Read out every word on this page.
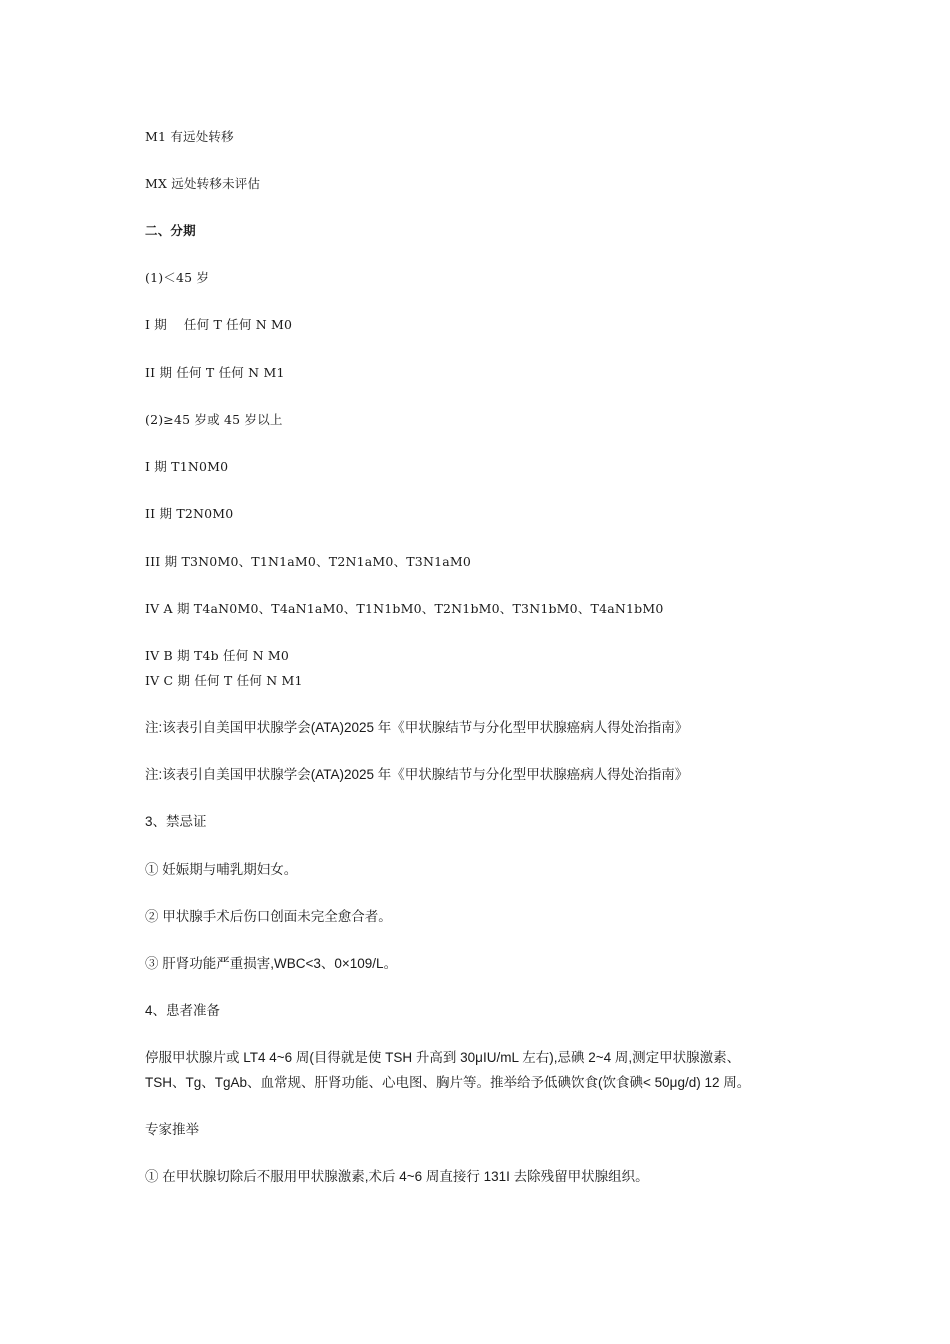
M1 有远处转移

MX 远处转移未评估

二、分期

(1)＜45 岁

I 期　 任何 T 任何 N M0

II 期 任何 T 任何 N M1

(2)≥45 岁或 45 岁以上

I 期 T1N0M0

II 期 T2N0M0

III 期 T3N0M0、T1N1aM0、T2N1aM0、T3N1aM0

IV A 期 T4aN0M0、T4aN1aM0、T1N1bM0、T2N1bM0、T3N1bM0、T4aN1bM0

IV B 期 T4b 任何 N M0

IV C 期 任何 T 任何 N M1

注:该表引自美国甲状腺学会(ATA)2025 年《甲状腺结节与分化型甲状腺癌病人得处治指南》

注:该表引自美国甲状腺学会(ATA)2025 年《甲状腺结节与分化型甲状腺癌病人得处治指南》

3、禁忌证

① 妊娠期与哺乳期妇女。

② 甲状腺手术后伤口创面未完全愈合者。

③ 肝肾功能严重损害,WBC<3、0×109/L。

4、患者准备

停服甲状腺片或 LT4 4~6 周(目得就是使 TSH 升高到 30μIU/mL 左右),忌碘 2~4 周,测定甲状腺激素、

TSH、Tg、TgAb、血常规、肝肾功能、心电图、胸片等。推举给予低碘饮食(饮食碘< 50μg/d) 12 周。

专家推举

① 在甲状腺切除后不服用甲状腺激素,术后 4~6 周直接行 131I 去除残留甲状腺组织。
